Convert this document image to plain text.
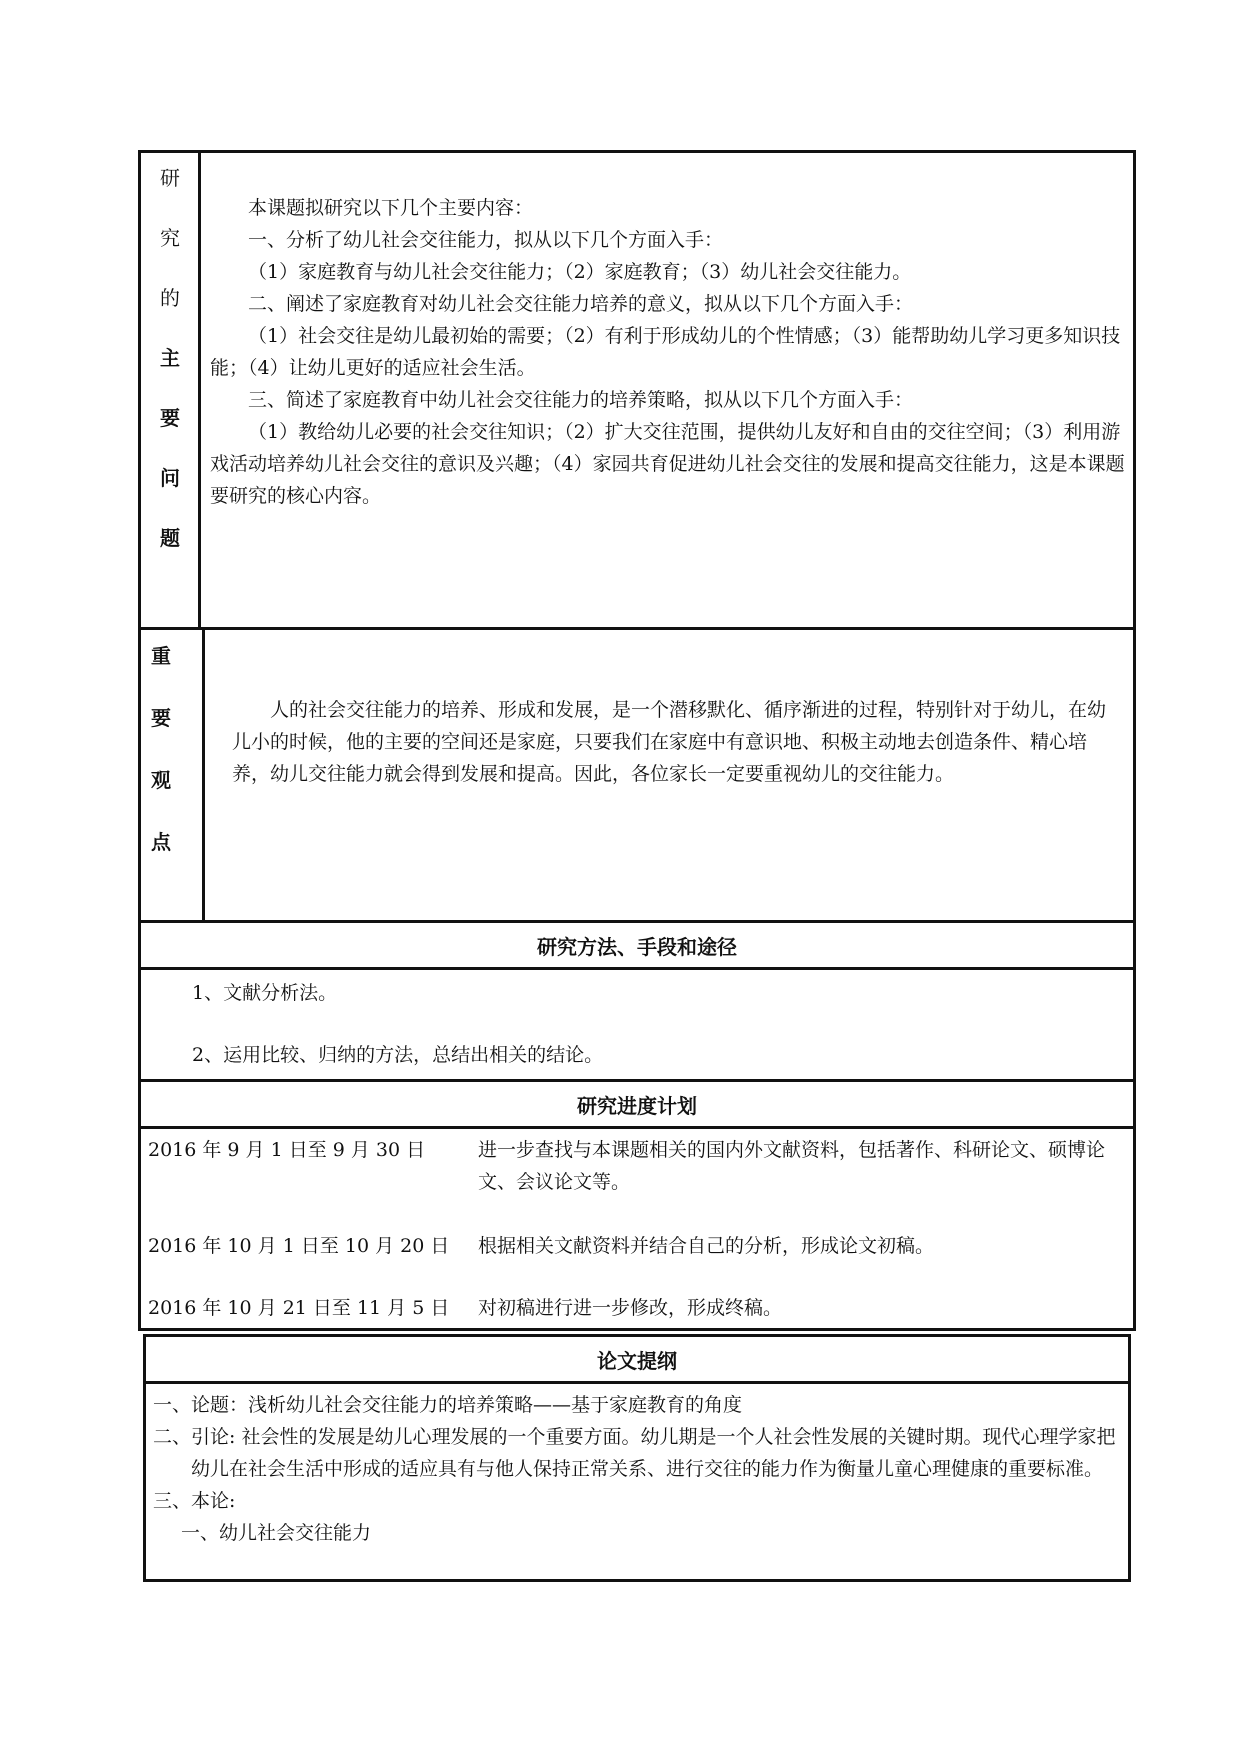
研
究
的
主
要
问
题

本课题拟研究以下几个主要内容：

一、分析了幼儿社会交往能力，拟从以下几个方面入手：

（1）家庭教育与幼儿社会交往能力；（2）家庭教育；（3）幼儿社会交往能力。

二、阐述了家庭教育对幼儿社会交往能力培养的意义，拟从以下几个方面入手：

（1）社会交往是幼儿最初始的需要；（2）有利于形成幼儿的个性情感；（3）能帮助幼儿学习更多知识技能；（4）让幼儿更好的适应社会生活。

三、简述了家庭教育中幼儿社会交往能力的培养策略，拟从以下几个方面入手：

（1）教给幼儿必要的社会交往知识；（2）扩大交往范围，提供幼儿友好和自由的交往空间；（3）利用游戏活动培养幼儿社会交往的意识及兴趣；（4）家园共育促进幼儿社会交往的发展和提高交往能力，这是本课题要研究的核心内容。

重
要
观
点

人的社会交往能力的培养、形成和发展，是一个潜移默化、循序渐进的过程，特别针对于幼儿，在幼儿小的时候，他的主要的空间还是家庭，只要我们在家庭中有意识地、积极主动地去创造条件、精心培养，幼儿交往能力就会得到发展和提高。因此，各位家长一定要重视幼儿的交往能力。

研究方法、手段和途径
1、文献分析法。
2、运用比较、归纳的方法，总结出相关的结论。
研究进度计划
2016 年 9 月 1 日至 9 月 30 日	进一步查找与本课题相关的国内外文献资料，包括著作、科研论文、硕博论文、会议论文等。
2016 年 10 月 1 日至 10 月 20 日 根据相关文献资料并结合自己的分析，形成论文初稿。
2016 年 10 月 21 日至 11 月 5 日 对初稿进行进一步修改，形成终稿。
论文提纲

一、论题：浅析幼儿社会交往能力的培养策略——基于家庭教育的角度

二、 引论: 社会性的发展是幼儿心理发展的一个重要方面。幼儿期是一个人社会性发展的关键时期。现代心理学家把幼儿在社会生活中形成的适应具有与他人保持正常关系、进行交往的能力作为衡量儿童心理健康的重要标准。

三、本论:

一、幼儿社会交往能力
